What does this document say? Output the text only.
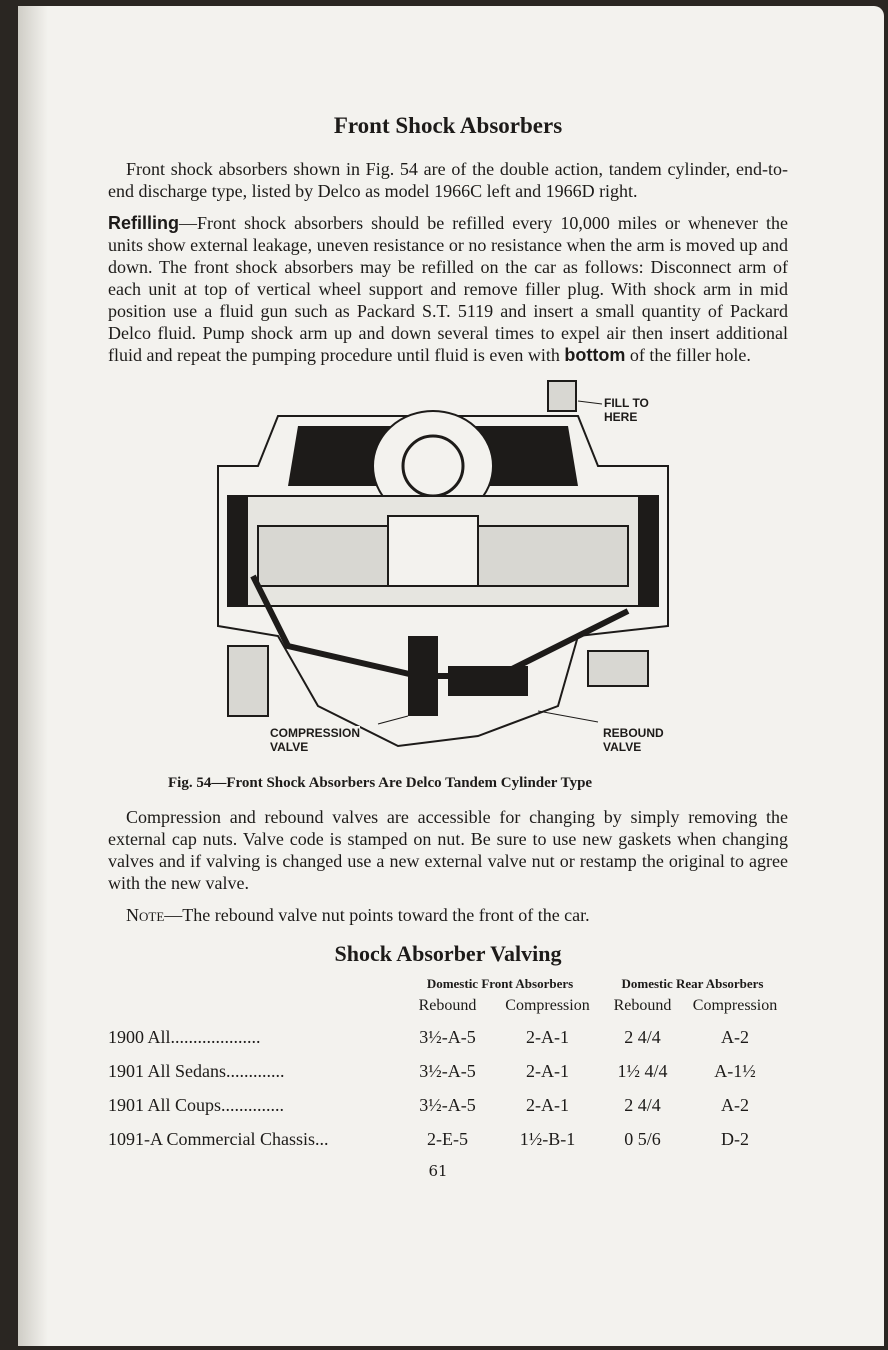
Front Shock Absorbers

Front shock absorbers shown in Fig. 54 are of the double action, tandem cylinder, end-to-end discharge type, listed by Delco as model 1966C left and 1966D right.

Refilling—Front shock absorbers should be refilled every 10,000 miles or whenever the units show external leakage, uneven resistance or no resistance when the arm is moved up and down. The front shock absorbers may be refilled on the car as follows: Disconnect arm of each unit at top of vertical wheel support and remove filler plug. With shock arm in mid position use a fluid gun such as Packard S.T. 5119 and insert a small quantity of Packard Delco fluid. Pump shock arm up and down several times to expel air then insert additional fluid and repeat the pumping procedure until fluid is even with bottom of the filler hole.

FILL TO
HERE
COMPRESSION
VALVE
REBOUND
VALVE
Fig. 54—Front Shock Absorbers Are Delco Tandem Cylinder Type

Compression and rebound valves are accessible for changing by simply removing the external cap nuts. Valve code is stamped on nut. Be sure to use new gaskets when changing valves and if valving is changed use a new external valve nut or restamp the original to agree with the new valve.

Note—The rebound valve nut points toward the front of the car.

Shock Absorber Valving
	Domestic Front Absorbers		Domestic Rear Absorbers	
	Rebound	Compression	Rebound	Compression
1900 All....................	3½-A-5	2-A-1	2 4/4	A-2
1901 All Sedans.............	3½-A-5	2-A-1	1½ 4/4	A-1½
1901 All Coups..............	3½-A-5	2-A-1	2 4/4	A-2
1091-A Commercial Chassis...	2-E-5	1½-B-1	0 5/6	D-2
61
